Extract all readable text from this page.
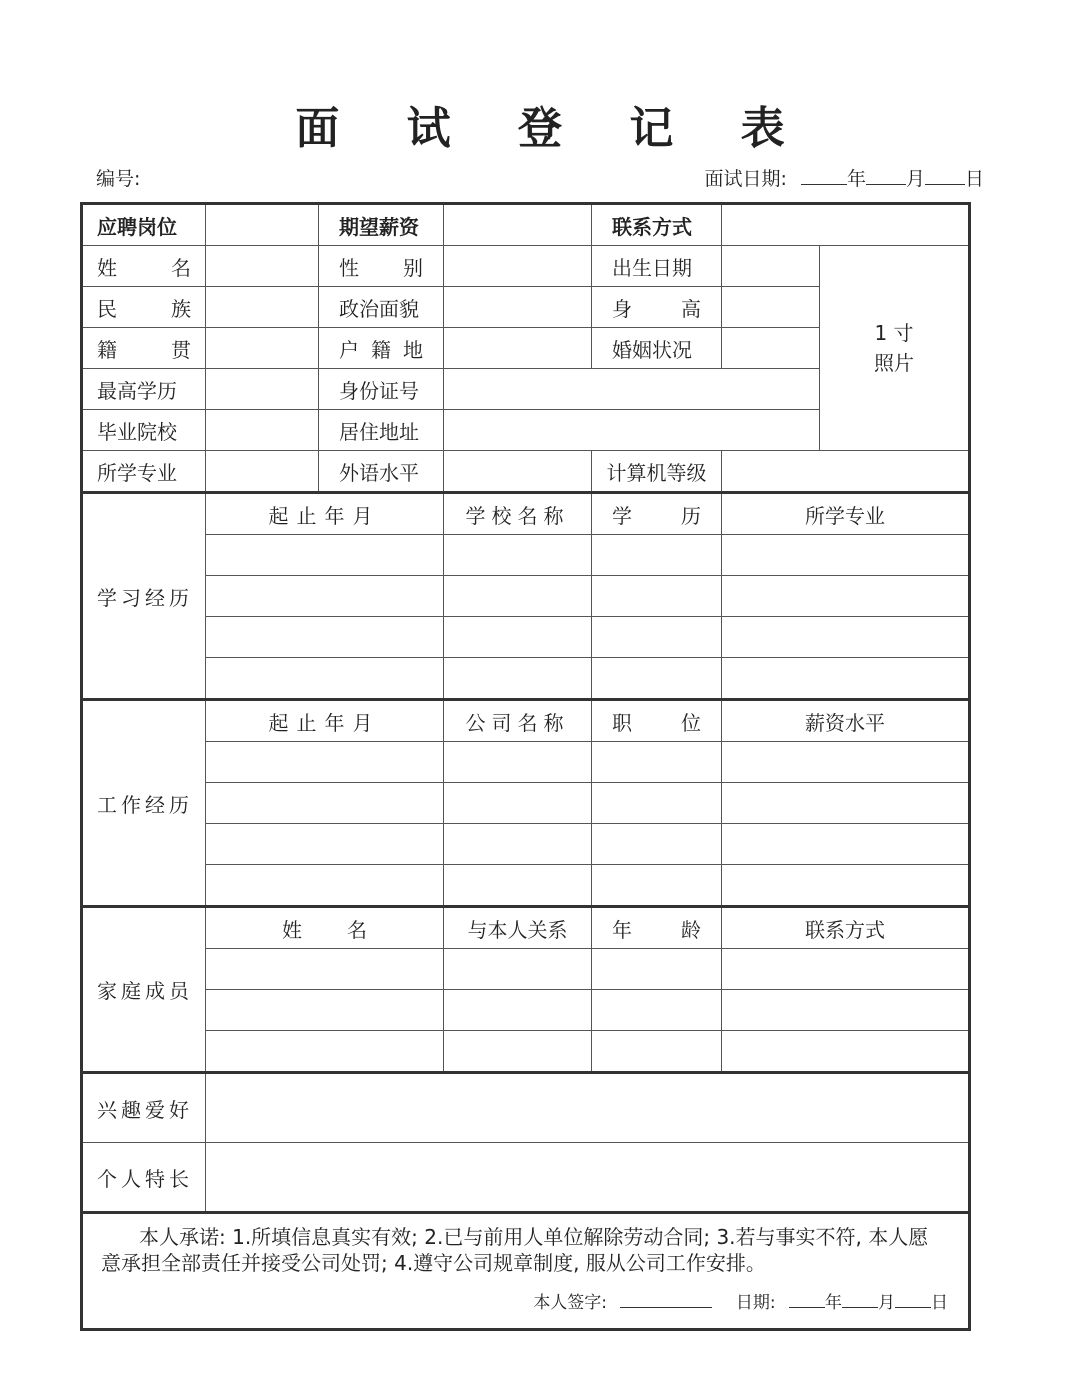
面 试 登 记 表
编号:	面试日期:	年 月 日
应聘岗位		期望薪资		联系方式		
姓名		性别		出生日期		1 寸
照片

民族		政治面貌		身高		
籍贯		户籍地		婚姻状况		
最高学历		身份证号				
毕业院校		居住地址				
所学专业		外语水平		计算机等级		
学习经历	起止年月		学校名称	学历	所学专业	

工作经历	起止年月		公司名称	职位	薪资水平	

家庭成员	姓名		与本人关系	年龄	联系方式	

兴趣爱好						
个人特长						

本人承诺: 1.所填信息真实有效; 2.已与前用人单位解除劳动合同; 3.若与事实不符, 本人愿意承担全部责任并接受公司处罚; 4.遵守公司规章制度, 服从公司工作安排。
本人签字: 日期: 年 月 日						
